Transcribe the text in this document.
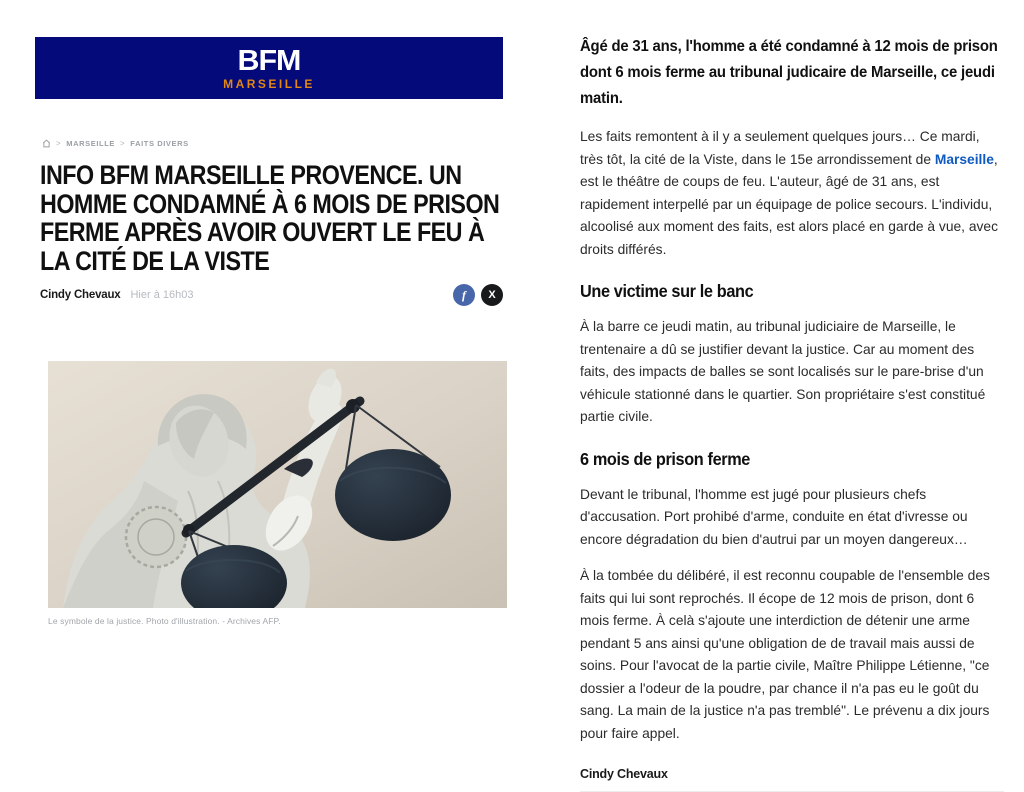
BFM
MARSEILLE
> MARSEILLE > FAITS DIVERS
INFO BFM MARSEILLE PROVENCE. UN HOMME CONDAMNÉ À 6 MOIS DE PRISON FERME APRÈS AVOIR OUVERT LE FEU À LA CITÉ DE LA VISTE
Cindy Chevaux Hier à 16h03	f	X
Le symbole de la justice. Photo d'illustration. - Archives AFP.

Âgé de 31 ans, l'homme a été condamné à 12 mois de prison dont 6 mois ferme au tribunal judicaire de Marseille, ce jeudi matin.

Les faits remontent à il y a seulement quelques jours… Ce mardi, très tôt, la cité de la Viste, dans le 15e arrondissement de Marseille, est le théâtre de coups de feu. L'auteur, âgé de 31 ans, est rapidement interpellé par un équipage de police secours. L'individu, alcoolisé aux moment des faits, est alors placé en garde à vue, avec droits différés.

Une victime sur le banc

À la barre ce jeudi matin, au tribunal judiciaire de Marseille, le trentenaire a dû se justifier devant la justice. Car au moment des faits, des impacts de balles se sont localisés sur le pare-brise d'un véhicule stationné dans le quartier. Son propriétaire s'est constitué partie civile.

6 mois de prison ferme

Devant le tribunal, l'homme est jugé pour plusieurs chefs d'accusation. Port prohibé d'arme, conduite en état d'ivresse ou encore dégradation du bien d'autrui par un moyen dangereux…

À la tombée du délibéré, il est reconnu coupable de l'ensemble des faits qui lui sont reprochés. Il écope de 12 mois de prison, dont 6 mois ferme. À celà s'ajoute une interdiction de détenir une arme pendant 5 ans ainsi qu'une obligation de de travail mais aussi de soins. Pour l'avocat de la partie civile, Maître Philippe Létienne, "ce dossier a l'odeur de la poudre, par chance il n'a pas eu le goût du sang. La main de la justice n'a pas tremblé". Le prévenu a dix jours pour faire appel.

Cindy Chevaux
